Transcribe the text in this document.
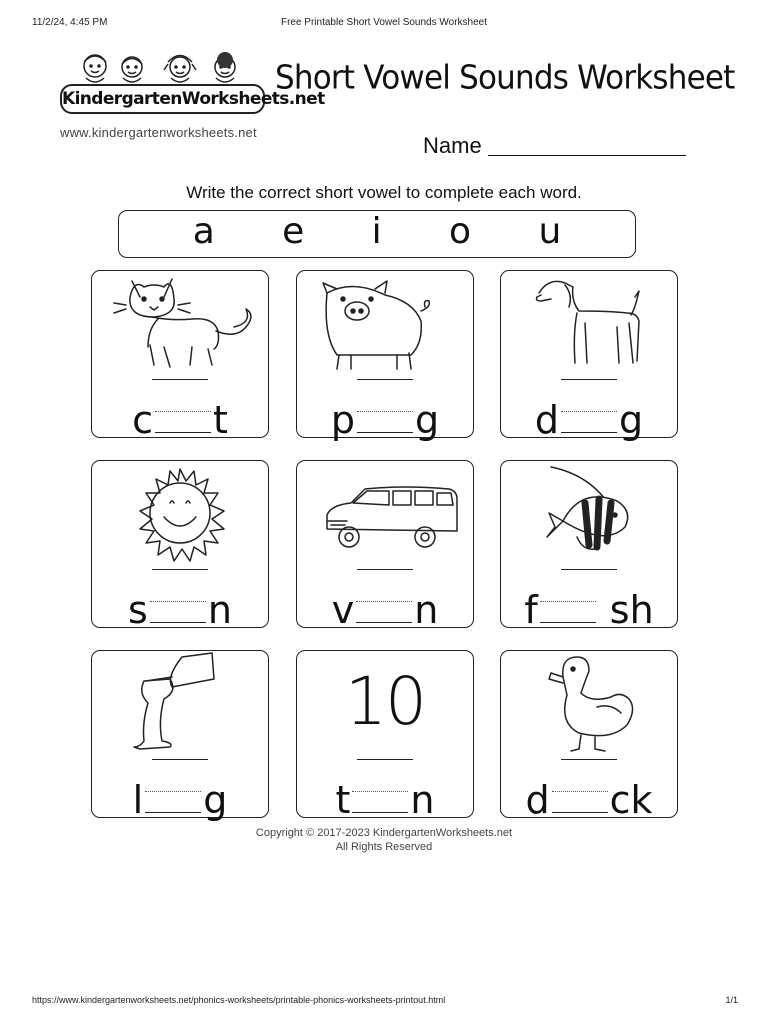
11/2/24, 4:45 PM	Free Printable Short Vowel Sounds Worksheet
KindergartenWorksheets.net
www.kindergartenworksheets.net
Short Vowel Sounds Worksheet
Name
Write the correct short vowel to complete each word.
a e i o u
c t	p g	d g
s n	v n f sh
l g
10
t n d ck
Copyright © 2017-2023 KindergartenWorksheets.net
All Rights Reserved
https://www.kindergartenworksheets.net/phonics-worksheets/printable-phonics-worksheets-printout.html	1/1
